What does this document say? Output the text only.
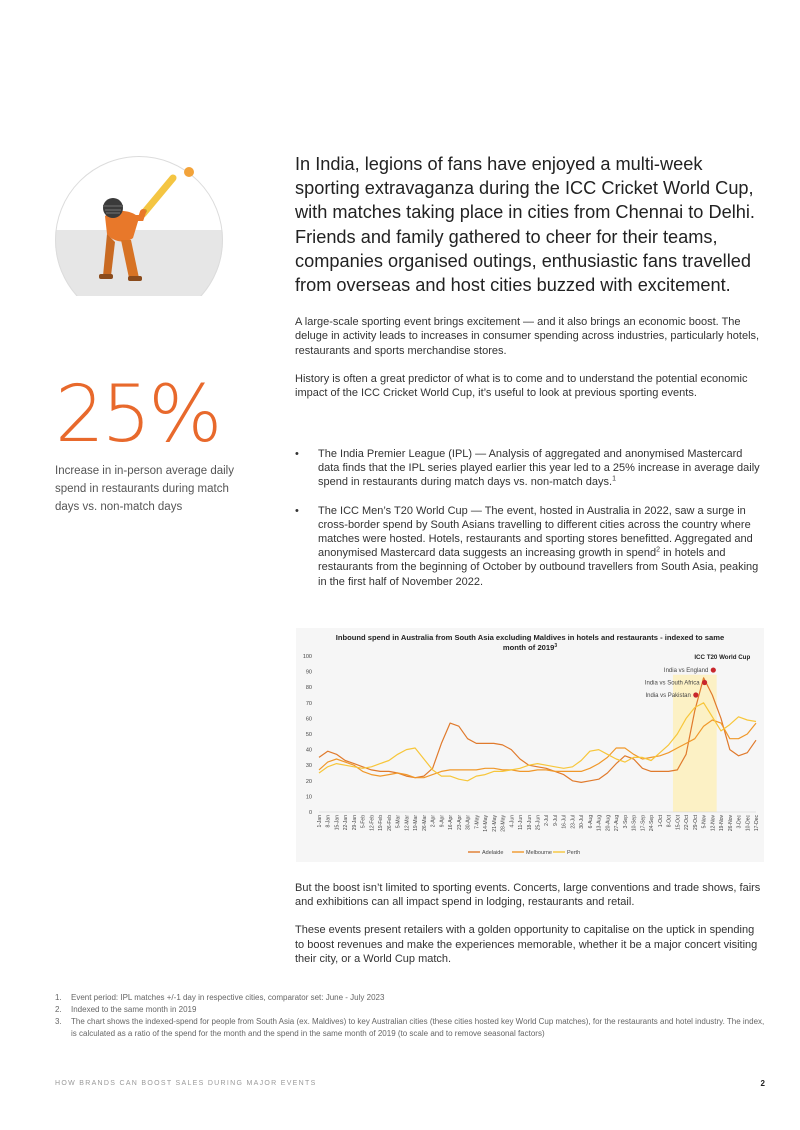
25%
Increase in in-person average daily spend in restaurants during match days vs. non-match days

In India, legions of fans have enjoyed a multi-week sporting extravaganza during the ICC Cricket World Cup, with matches taking place in cities from Chennai to Delhi. Friends and family gathered to cheer for their teams, companies organised outings, enthusiastic fans travelled from overseas and host cities buzzed with excitement.

A large-scale sporting event brings excitement — and it also brings an economic boost. The deluge in activity leads to increases in consumer spending across industries, particularly hotels, restaurants and sports merchandise stores.

History is often a great predictor of what is to come and to understand the potential economic impact of the ICC Cricket World Cup, it’s useful to look at previous sporting events.

• The India Premier League (IPL) — Analysis of aggregated and anonymised Mastercard data finds that the IPL series played earlier this year led to a 25% increase in average daily spend in restaurants during match days vs. non-match days.$^1$
• The ICC Men’s T20 World Cup — The event, hosted in Australia in 2022, saw a surge in cross-border spend by South Asians travelling to different cities across the country where matches were hosted. Hotels, restaurants and sporting stores benefitted. Aggregated and anonymised Mastercard data suggests an increasing growth in spend$^2$ in hotels and restaurants from the beginning of October by outbound travellers from South Asia, peaking in the first half of November 2022.
Inbound spend in Australia from South Asia excluding Maldives in hotels and restaurants - indexed to same
month of 2019$^3$
ICC T20 World Cup
0
10
20
30
40
50
60
70
80
90
100
1-Jan 8-Jan 15-Jan 22-Jan 29-Jan 5-Feb 12-Feb 19-Feb 26-Feb 5-Mar 12-Mar 19-Mar 26-Mar 2-Apr 9-Apr 16-Apr 23-Apr 30-Apr 7-May 14-May 21-May 28-May 4-Jun 11-Jun 18-Jun 25-Jun 2-Jul 9-Jul 16-Jul 23-Jul 30-Jul 6-Aug 13-Aug 20-Aug 27-Aug 3-Sep 10-Sep 17-Sep 24-Sep 1-Oct 8-Oct 15-Oct 22-Oct 29-Oct 5-Nov 12-Nov 19-Nov 26-Nov 3-Dec 10-Dec 17-Dec
India vs England
India vs South Africa
India vs Pakistan
Adelaide	Melbourne	Perth

But the boost isn’t limited to sporting events. Concerts, large conventions and trade shows, fairs and exhibitions can all impact spend in lodging, restaurants and retail.

These events present retailers with a golden opportunity to capitalise on the uptick in spending to boost revenues and make the experiences memorable, whether it be a major concert visiting their city, or a World Cup match.

1. Event period: IPL matches +/-1 day in respective cities, comparator set: June - July 2023
2. Indexed to the same month in 2019
3. The chart shows the indexed-spend for people from South Asia (ex. Maldives) to key Australian cities (these cities hosted key World Cup matches), for the restaurants and hotel industry. The index, is calculated as a ratio of the spend for the month and the spend in the same month of 2019 (to scale and to remove seasonal factors)
HOW BRANDS CAN BOOST SALES DURING MAJOR EVENTS	2
